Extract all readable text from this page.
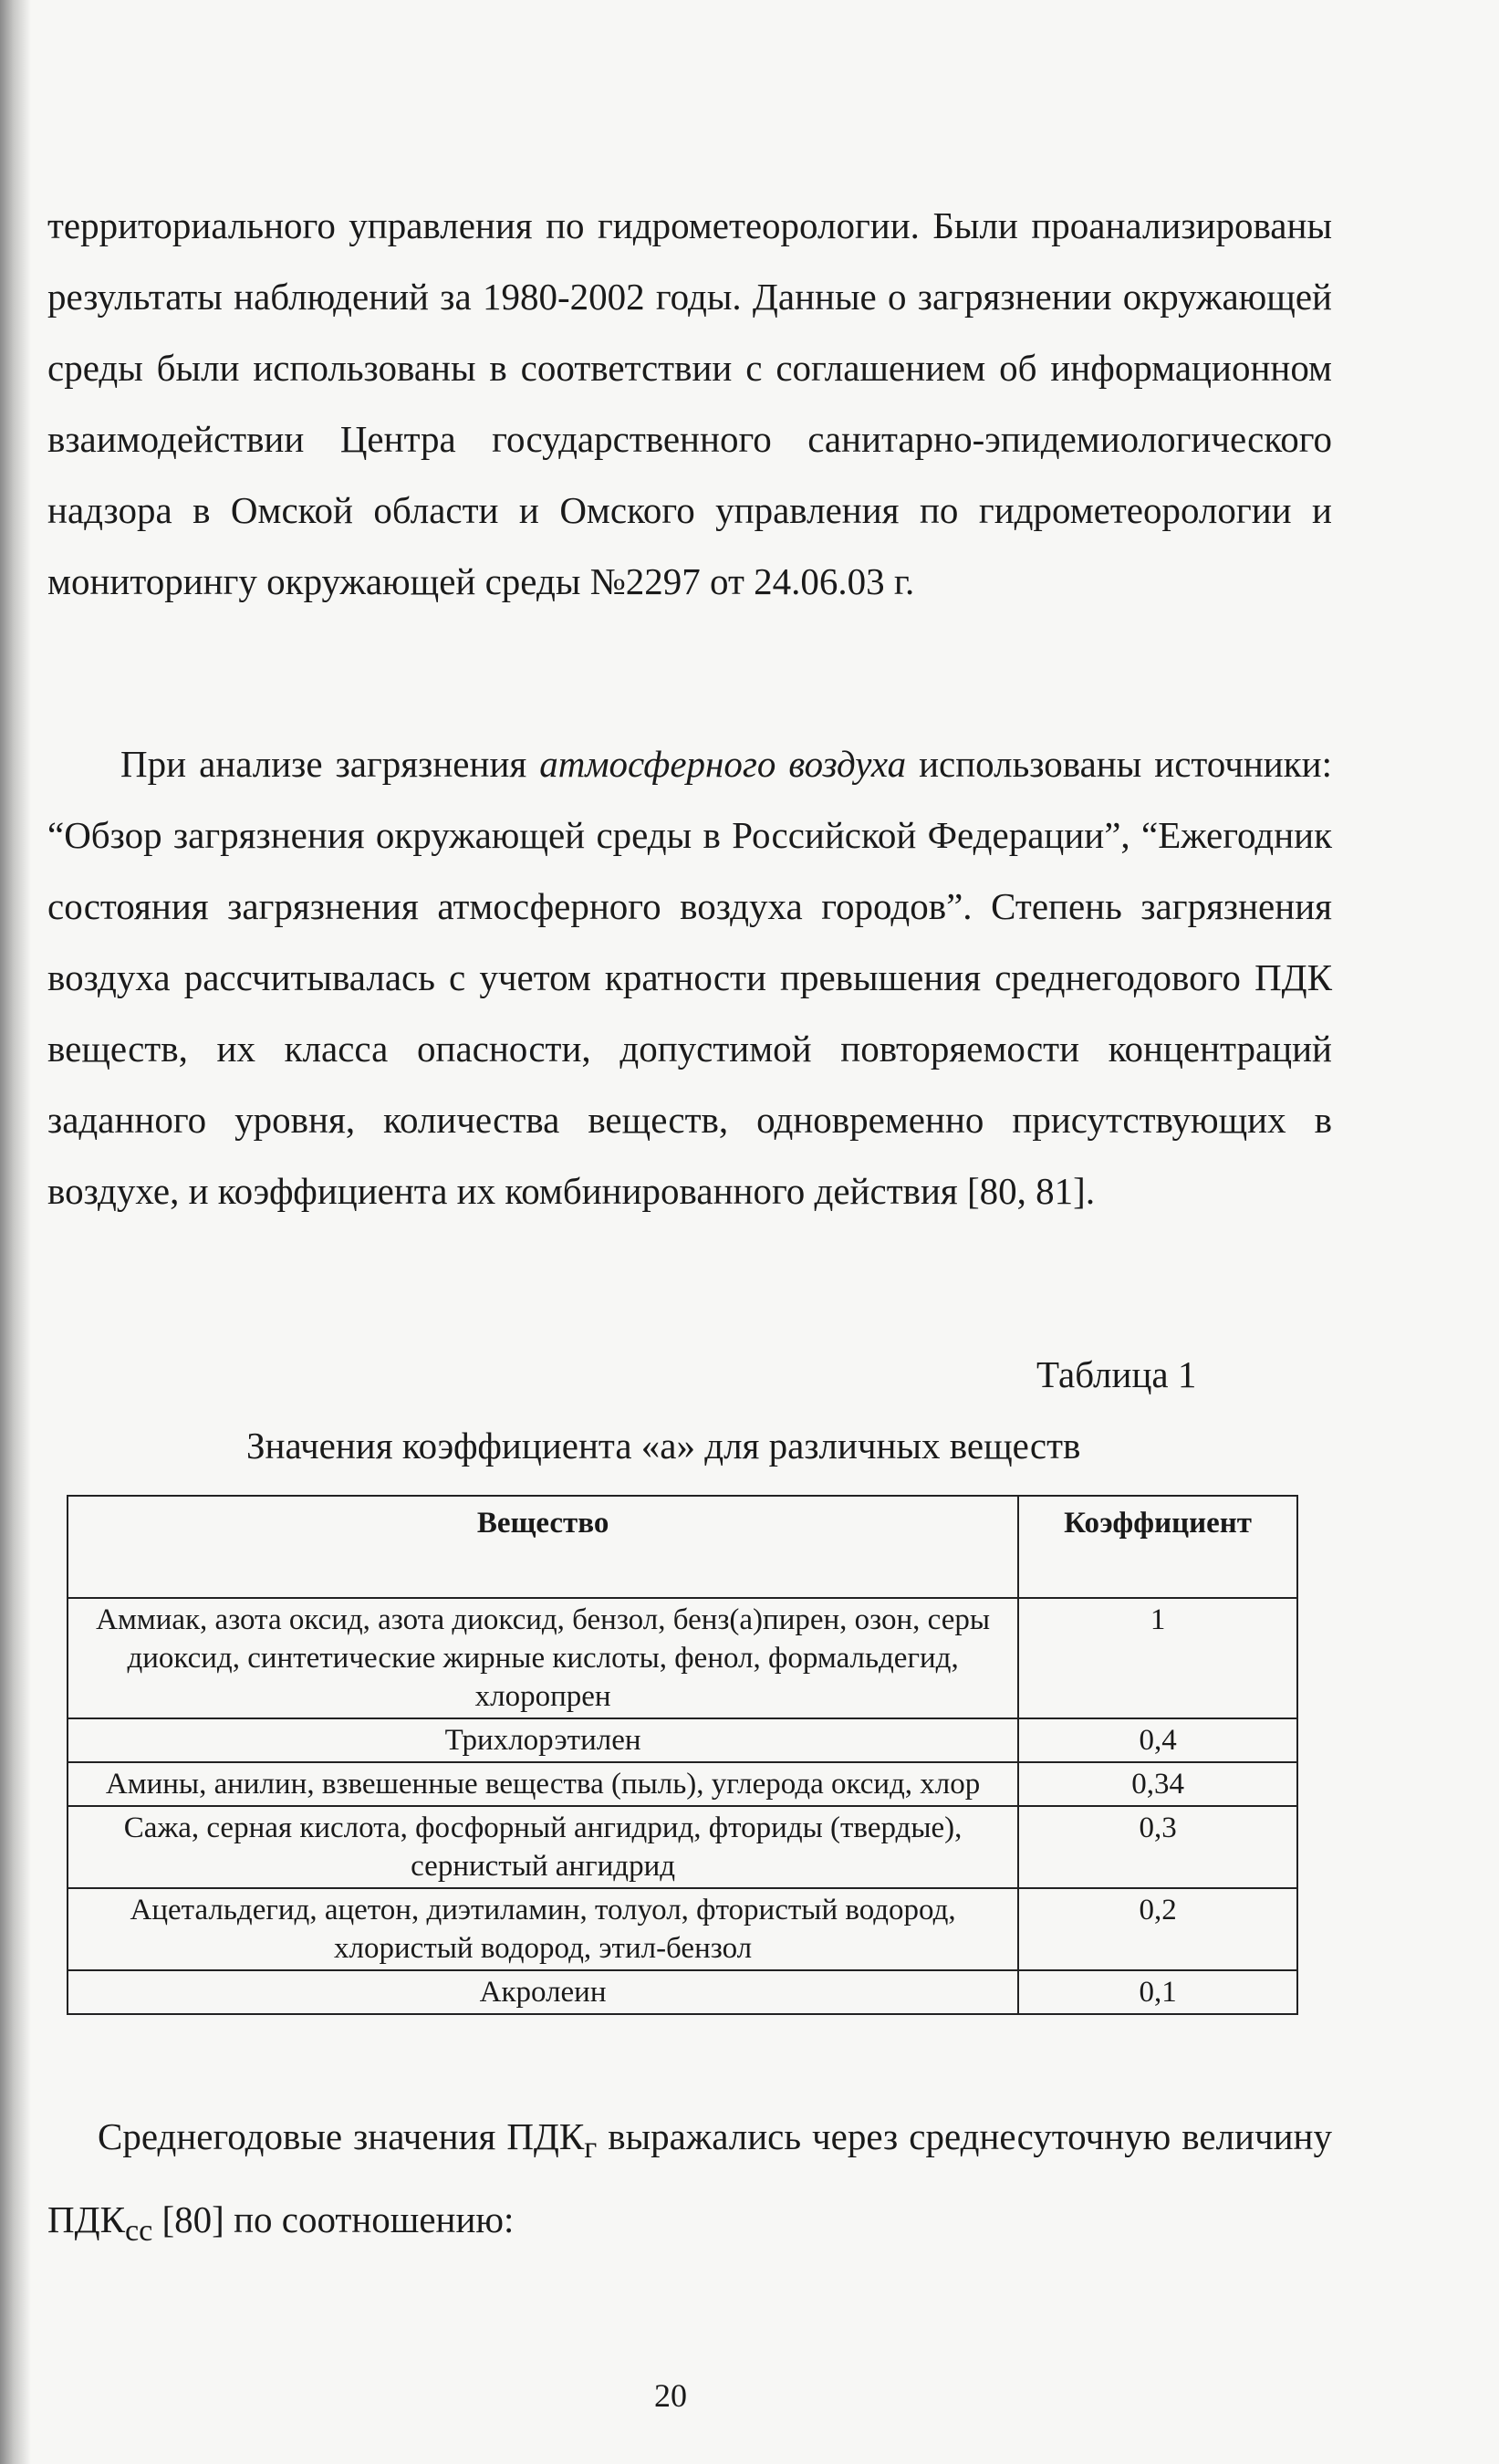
территориального управления по гидрометеорологии. Были проанализированы результаты наблюдений за 1980-2002 годы. Данные о загрязнении окружающей среды были использованы в соответствии с соглашением об информационном взаимодействии Центра государственного санитарно-эпидемиологического надзора в Омской области и Омского управления по гидрометеорологии и мониторингу окружающей среды №2297 от 24.06.03 г.

При анализе загрязнения атмосферного воздуха использованы источники: “Обзор загрязнения окружающей среды в Российской Федерации”, “Ежегодник состояния загрязнения атмосферного воздуха городов”. Степень загрязнения воздуха рассчитывалась с учетом кратности превышения среднегодового ПДК веществ, их класса опасности, допустимой повторяемости концентраций заданного уровня, количества веществ, одновременно присутствующих в воздухе, и коэффициента их комбинированного действия [80, 81].

Таблица 1
Значения коэффициента «а» для различных веществ
Вещество	Коэффициент
Аммиак, азота оксид, азота диоксид, бензол, бенз(а)пирен, озон, серы диоксид, синтетические жирные кислоты, фенол, формальдегид, хлоропрен	1
Трихлорэтилен	0,4
Амины, анилин, взвешенные вещества (пыль), углерода оксид, хлор	0,34
Сажа, серная кислота, фосфорный ангидрид, фториды (твердые), сернистый ангидрид	0,3
Ацетальдегид, ацетон, диэтиламин, толуол, фтористый водород, хлористый водород, этил-бензол	0,2
Акролеин	0,1

Среднегодовые значения $ПДК_г$ выражались через среднесуточную величину $ПДК_{сс}$ [80] по соотношению:

20
